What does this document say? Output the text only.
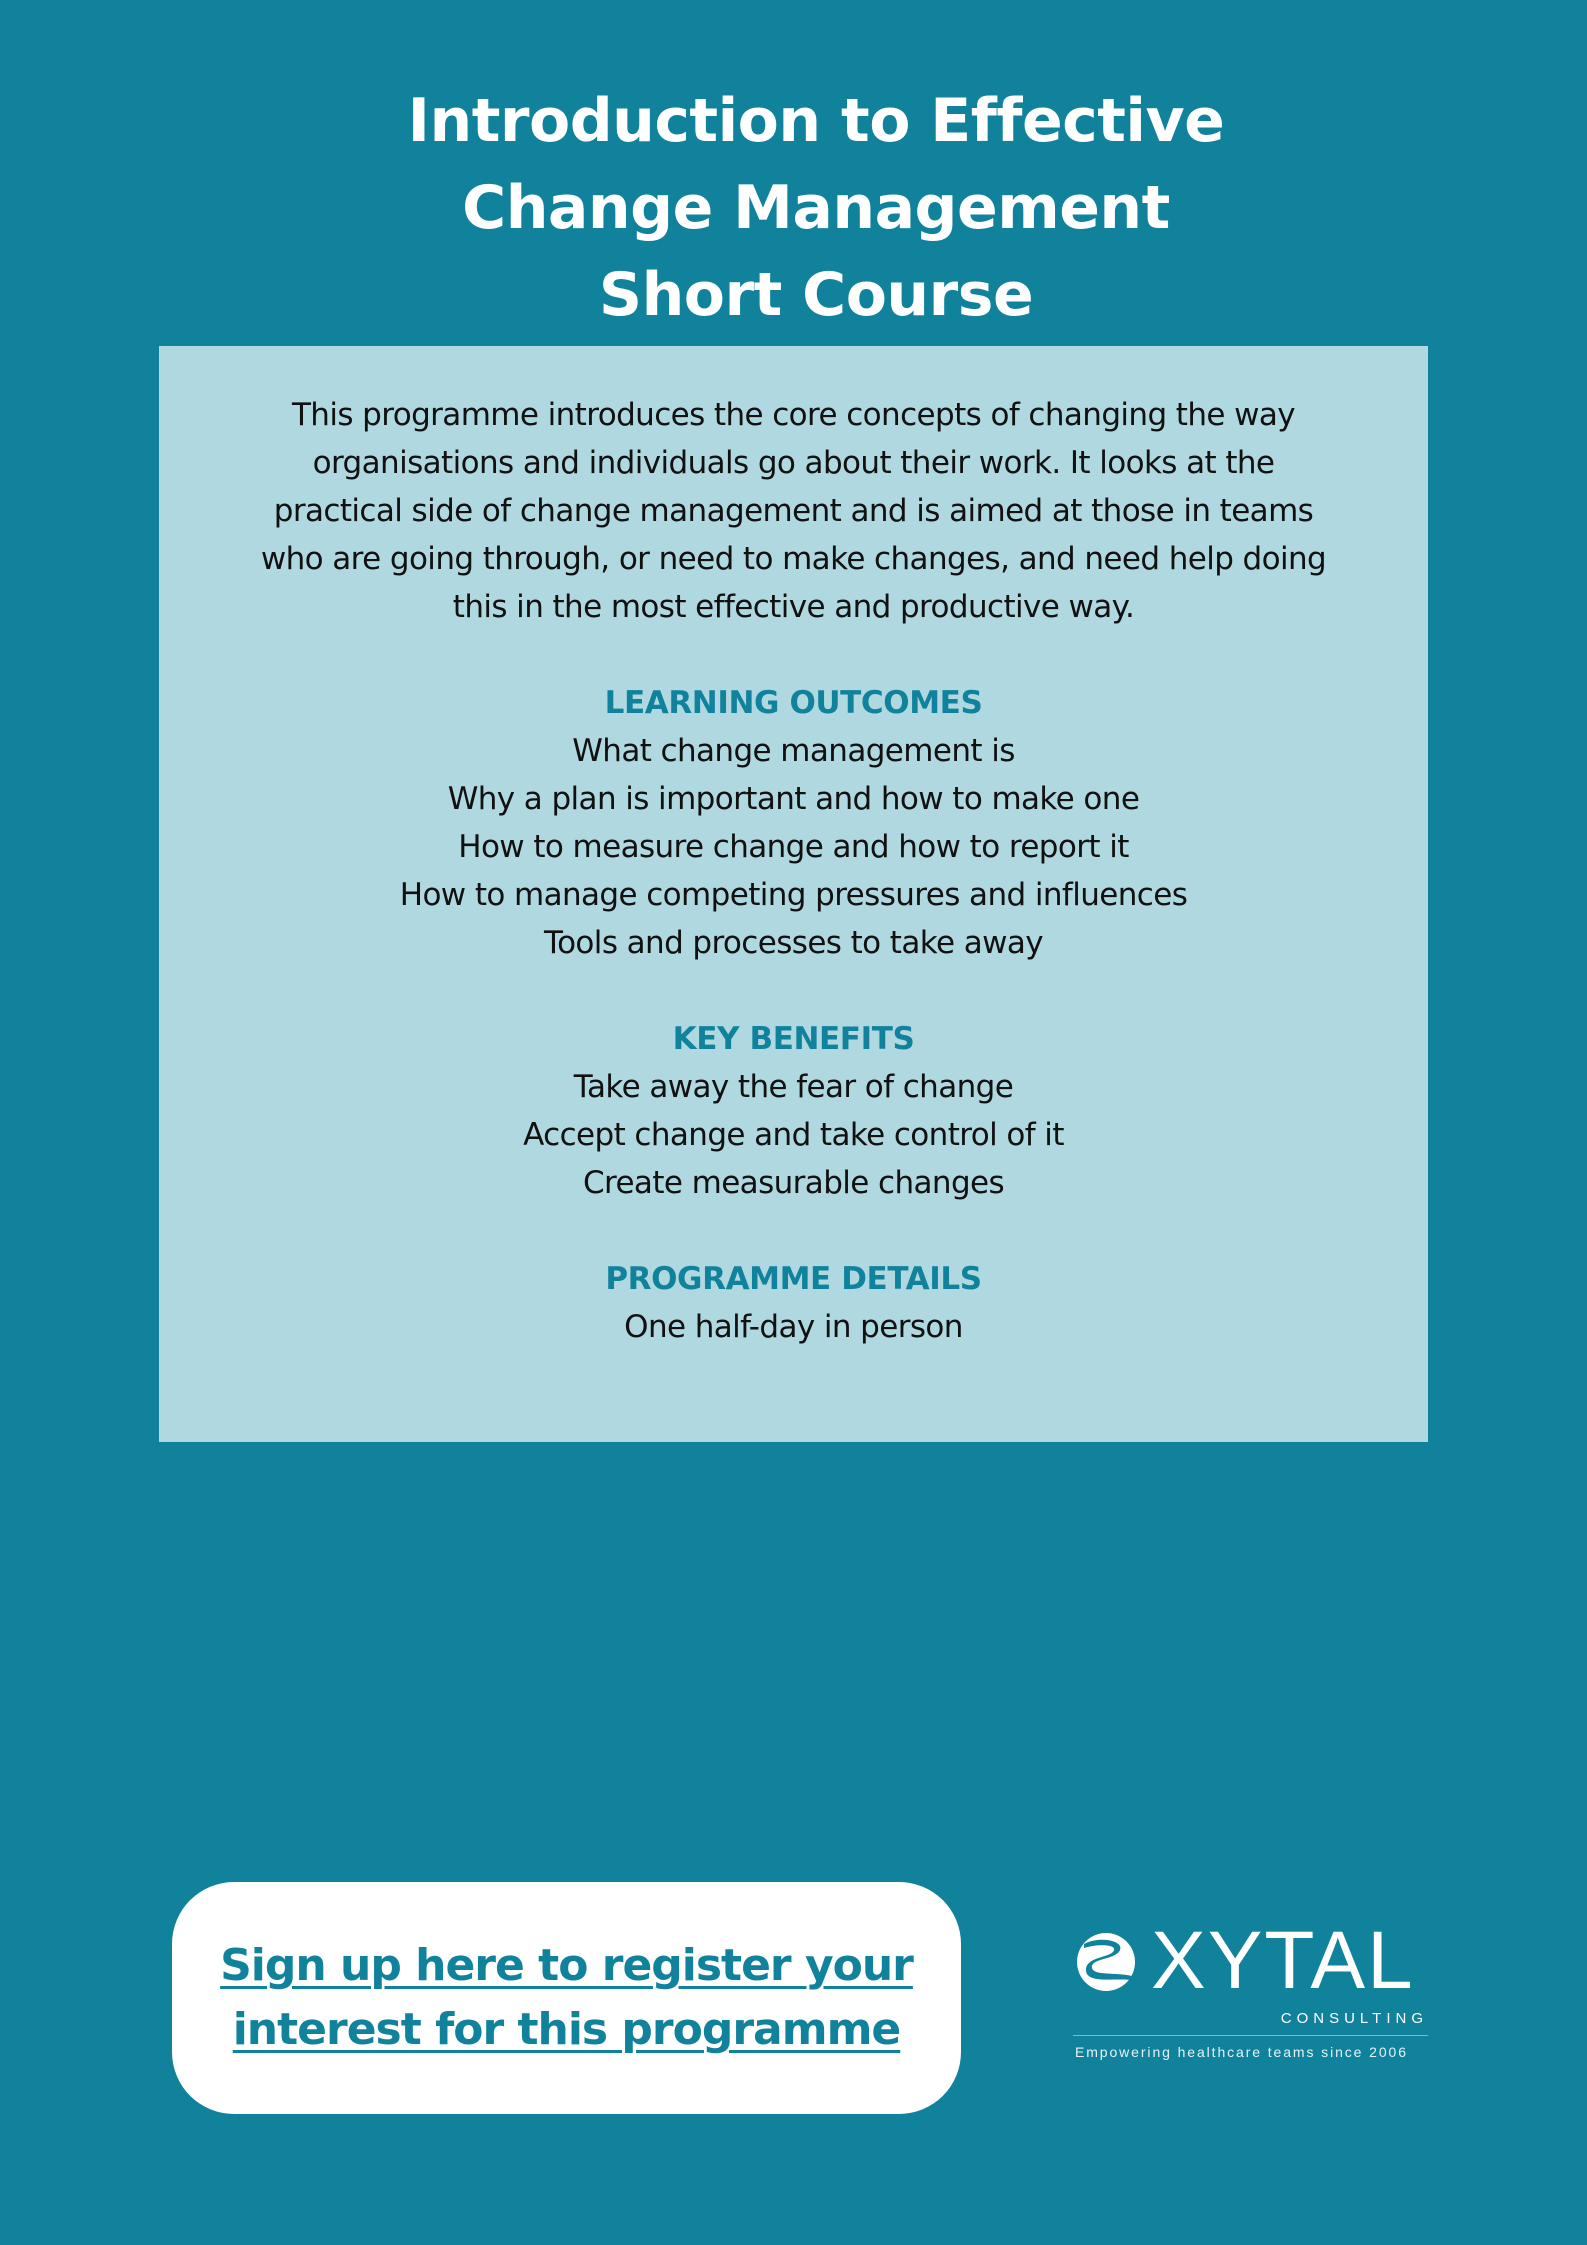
Introduction to Effective
Change Management
Short Course
This programme introduces the core concepts of changing the way
organisations and individuals go about their work. It looks at the
practical side of change management and is aimed at those in teams
who are going through, or need to make changes, and need help doing
this in the most effective and productive way.
LEARNING OUTCOMES
What change management is
Why a plan is important and how to make one
How to measure change and how to report it
How to manage competing pressures and influences
Tools and processes to take away
KEY BENEFITS
Take away the fear of change
Accept change and take control of it
Create measurable changes
PROGRAMME DETAILS
One half-day in person
Sign up here to register your
interest for this programme
XYTAL
CONSULTING
Empowering healthcare teams since 2006
